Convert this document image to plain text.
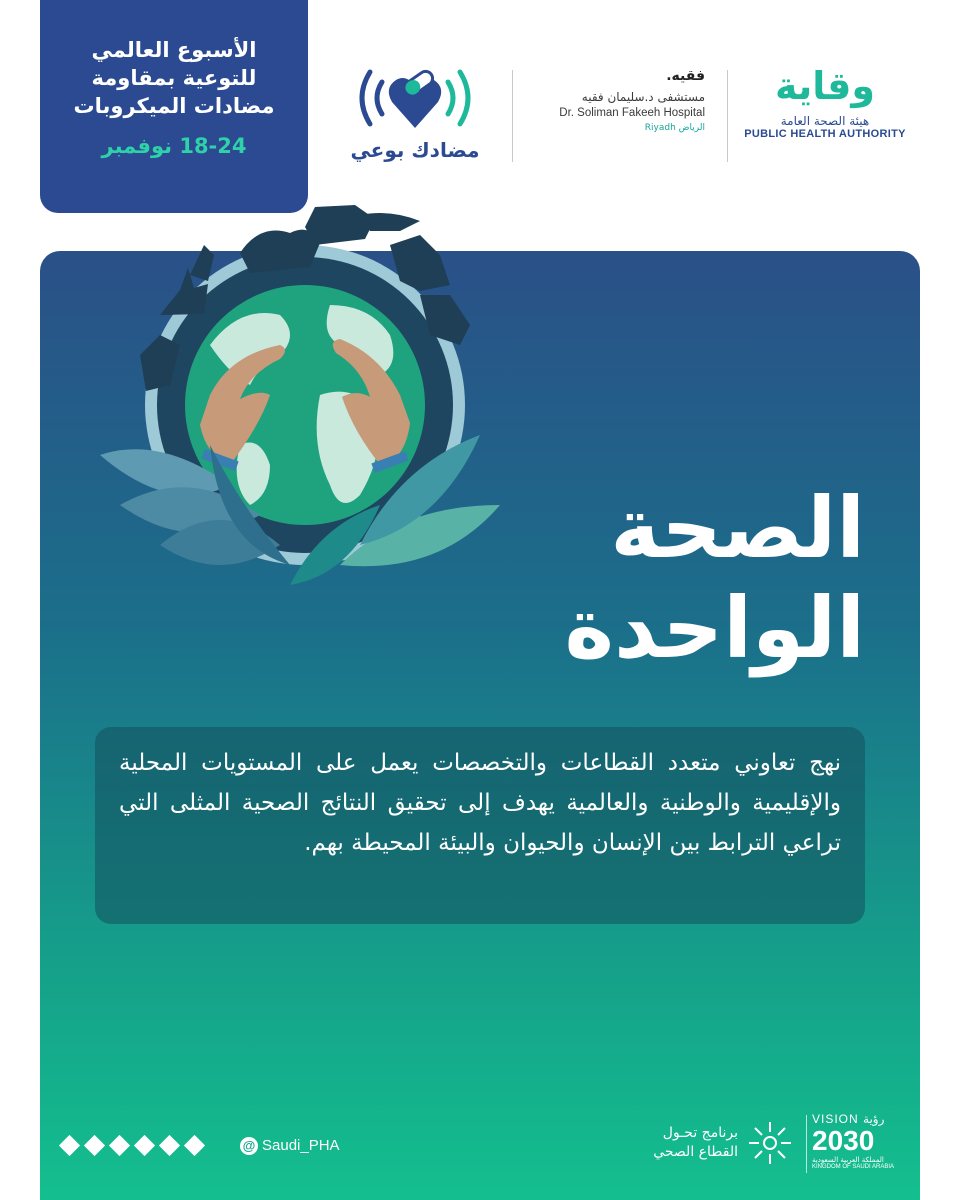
الأسبوع العالمي
للتوعية بمقاومة
مضادات الميكروبات
18-24 نوفمبر	مضادك بوعي
فقيه.
مستشفى د.سليمان فقيه
Dr. Soliman Fakeeh Hospital
Riyadh الرياض
وقاية
هيئة الصحة العامة
PUBLIC HEALTH AUTHORITY
الصحة
الواحدة

نهج تعاوني متعدد القطاعات والتخصصات يعمل على المستويات المحلية والإقليمية والوطنية والعالمية يهدف إلى تحقيق النتائج الصحية المثلى التي تراعي الترابط بين الإنسان والحيوان والبيئة المحيطة بهم.

@ Saudi_PHA
برنامج تحـول
القطاع الصحي
VISION رؤية
2030
المملكة العربية السعودية
KINGDOM OF SAUDI ARABIA
